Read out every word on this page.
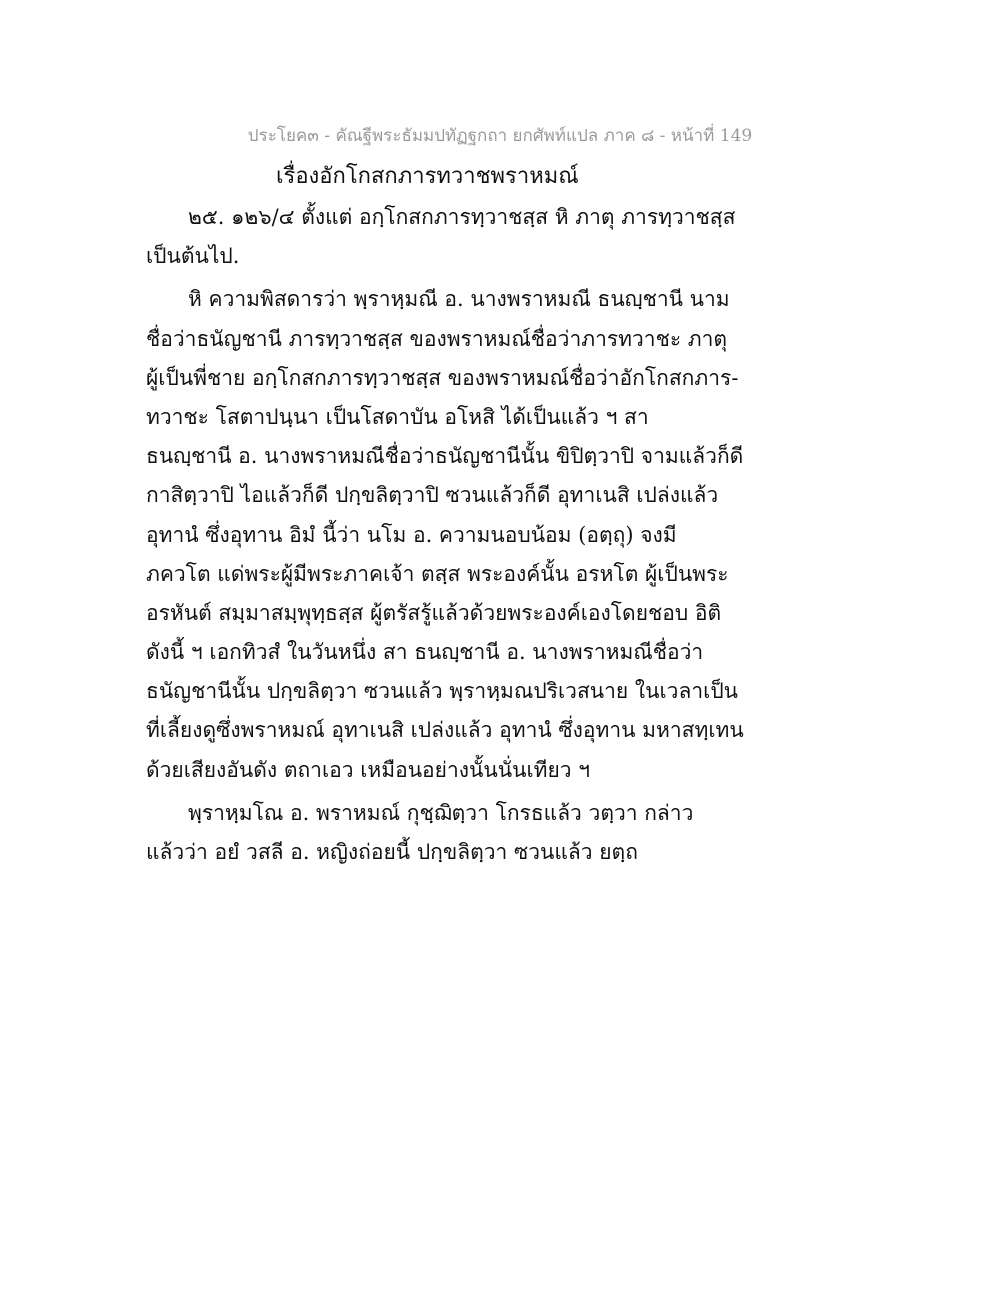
ประโยค๓ - คัณฐีพระธัมมปทัฏฐกถา ยกศัพท์แปล ภาค ๘ - หน้าที่ 149
เรื่องอักโกสกภารทวาชพราหมณ์
๒๕. ๑๒๖/๔ ตั้งแต่ อกฺโกสกภารทฺวาชสฺส หิ ภาตุ ภารทฺวาชสฺส
เป็นต้นไป.
หิ ความพิสดารว่า พฺราหฺมณี อ. นางพราหมณี ธนญฺชานี นาม
ชื่อว่าธนัญชานี ภารทฺวาชสฺส ของพราหมณ์ชื่อว่าภารทวาชะ ภาตุ
ผู้เป็นพี่ชาย อกฺโกสกภารทฺวาชสฺส ของพราหมณ์ชื่อว่าอักโกสกภาร-
ทวาชะ โสตาปนฺนา เป็นโสดาบัน อโหสิ ได้เป็นแล้ว ฯ สา
ธนญฺชานี อ. นางพราหมณีชื่อว่าธนัญชานีนั้น ขิปิตฺวาปิ จามแล้วก็ดี
กาสิตฺวาปิ ไอแล้วก็ดี ปกฺขลิตฺวาปิ ซวนแล้วก็ดี อุทาเนสิ เปล่งแล้ว
อุทานํ ซึ่งอุทาน อิมํ นี้ว่า นโม อ. ความนอบน้อม (อตฺถุ) จงมี
ภควโต แด่พระผู้มีพระภาคเจ้า ตสฺส พระองค์นั้น อรหโต ผู้เป็นพระ
อรหันต์ สมฺมาสมฺพุทฺธสฺส ผู้ตรัสรู้แล้วด้วยพระองค์เองโดยชอบ อิติ
ดังนี้ ฯ เอกทิวสํ ในวันหนึ่ง สา ธนญฺชานี อ. นางพราหมณีชื่อว่า
ธนัญชานีนั้น ปกฺขลิตฺวา ซวนแล้ว พฺราหฺมณปริเวสนาย ในเวลาเป็น
ที่เลี้ยงดูซึ่งพราหมณ์ อุทาเนสิ เปล่งแล้ว อุทานํ ซึ่งอุทาน มหาสทฺเทน
ด้วยเสียงอันดัง ตถาเอว เหมือนอย่างนั้นนั่นเทียว ฯ
พฺราหฺมโณ อ. พราหมณ์ กุชฺฌิตฺวา โกรธแล้ว วตฺวา กล่าว
แล้วว่า อยํ วสลี อ. หญิงถ่อยนี้ ปกฺขลิตฺวา ซวนแล้ว ยตฺถ
